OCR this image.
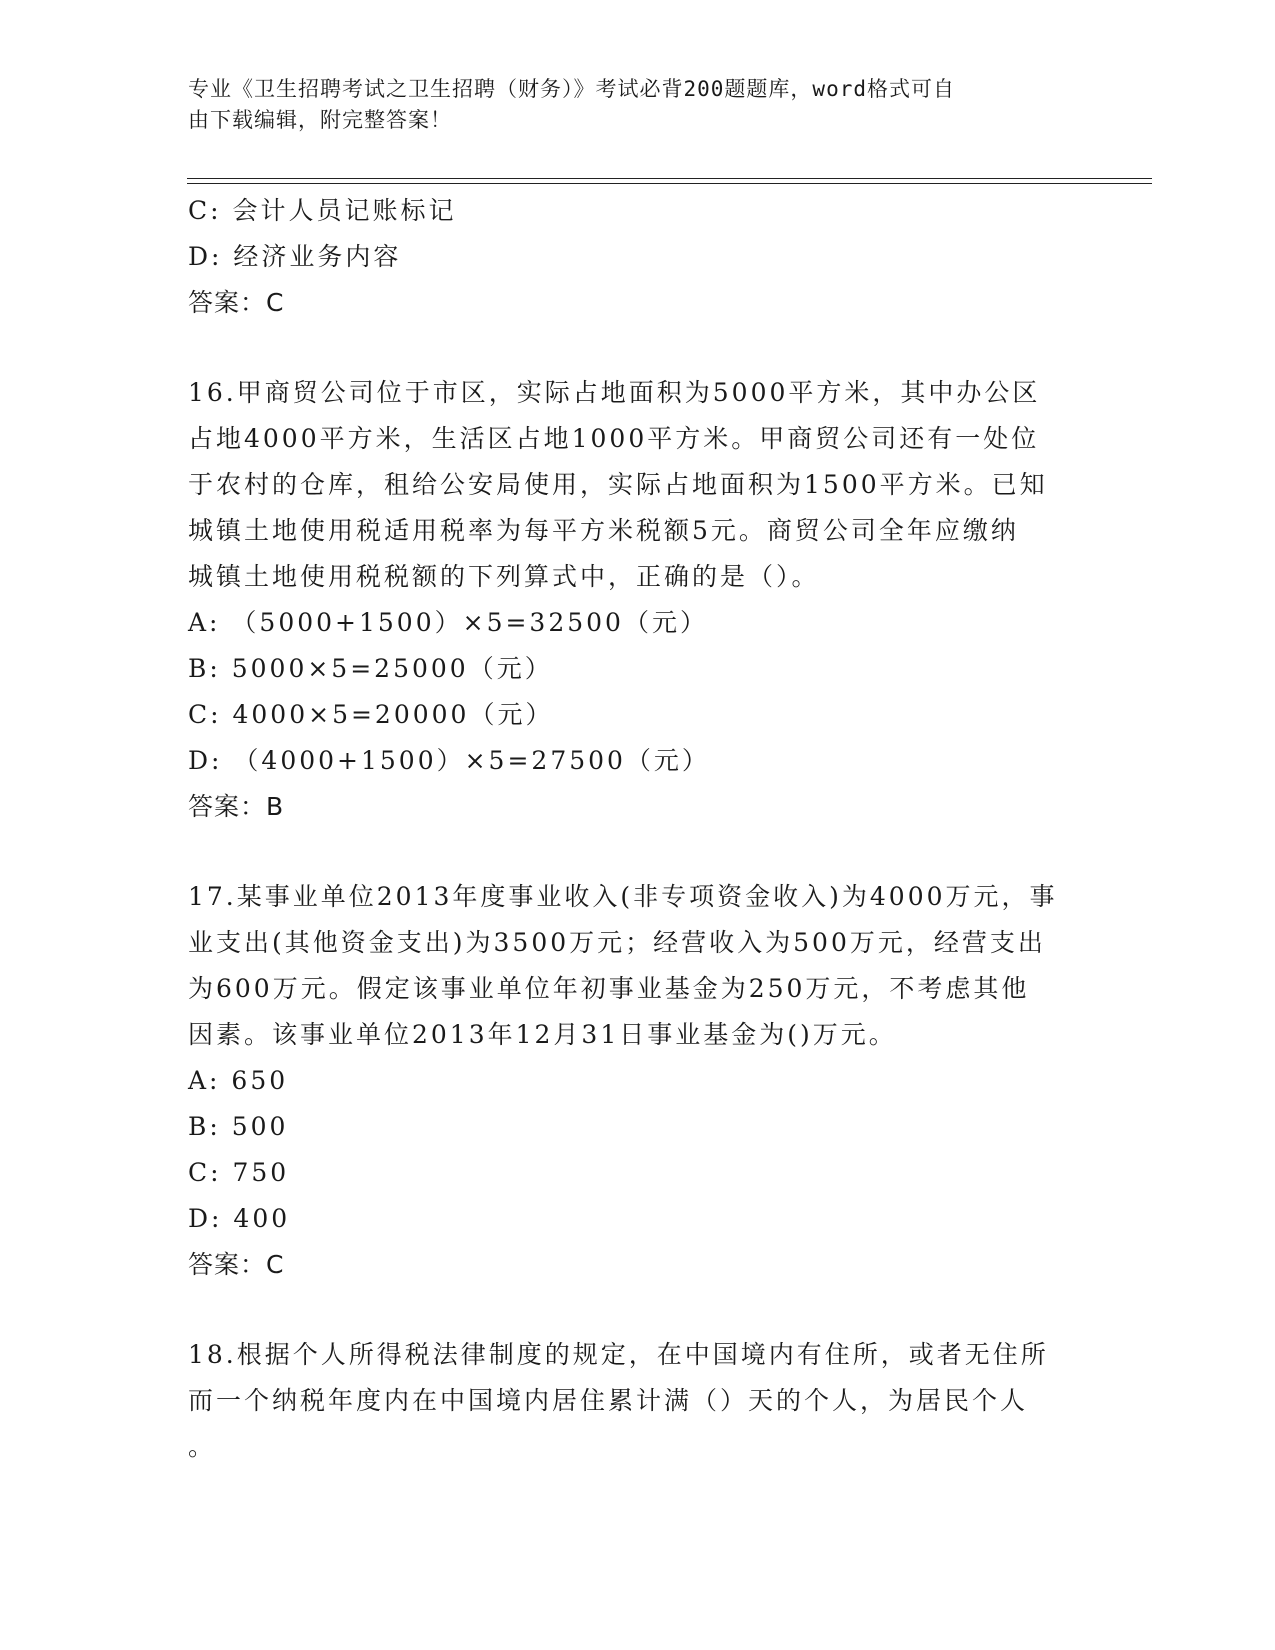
专业《卫生招聘考试之卫生招聘（财务）》考试必背200题题库，word格式可自
由下载编辑，附完整答案！
C: 会计人员记账标记
D: 经济业务内容
答案：C
16.甲商贸公司位于市区，实际占地面积为5000平方米，其中办公区
占地4000平方米，生活区占地1000平方米。甲商贸公司还有一处位
于农村的仓库，租给公安局使用，实际占地面积为1500平方米。已知
城镇土地使用税适用税率为每平方米税额5元。商贸公司全年应缴纳
城镇土地使用税税额的下列算式中，正确的是（）。
A: （5000+1500）×5=32500（元）
B: 5000×5=25000（元）
C: 4000×5=20000（元）
D: （4000+1500）×5=27500（元）
答案：B
17.某事业单位2013年度事业收入(非专项资金收入)为4000万元，事
业支出(其他资金支出)为3500万元；经营收入为500万元，经营支出
为600万元。假定该事业单位年初事业基金为250万元，不考虑其他
因素。该事业单位2013年12月31日事业基金为()万元。
A: 650
B: 500
C: 750
D: 400
答案：C
18.根据个人所得税法律制度的规定，在中国境内有住所，或者无住所
而一个纳税年度内在中国境内居住累计满（）天的个人，为居民个人
。
